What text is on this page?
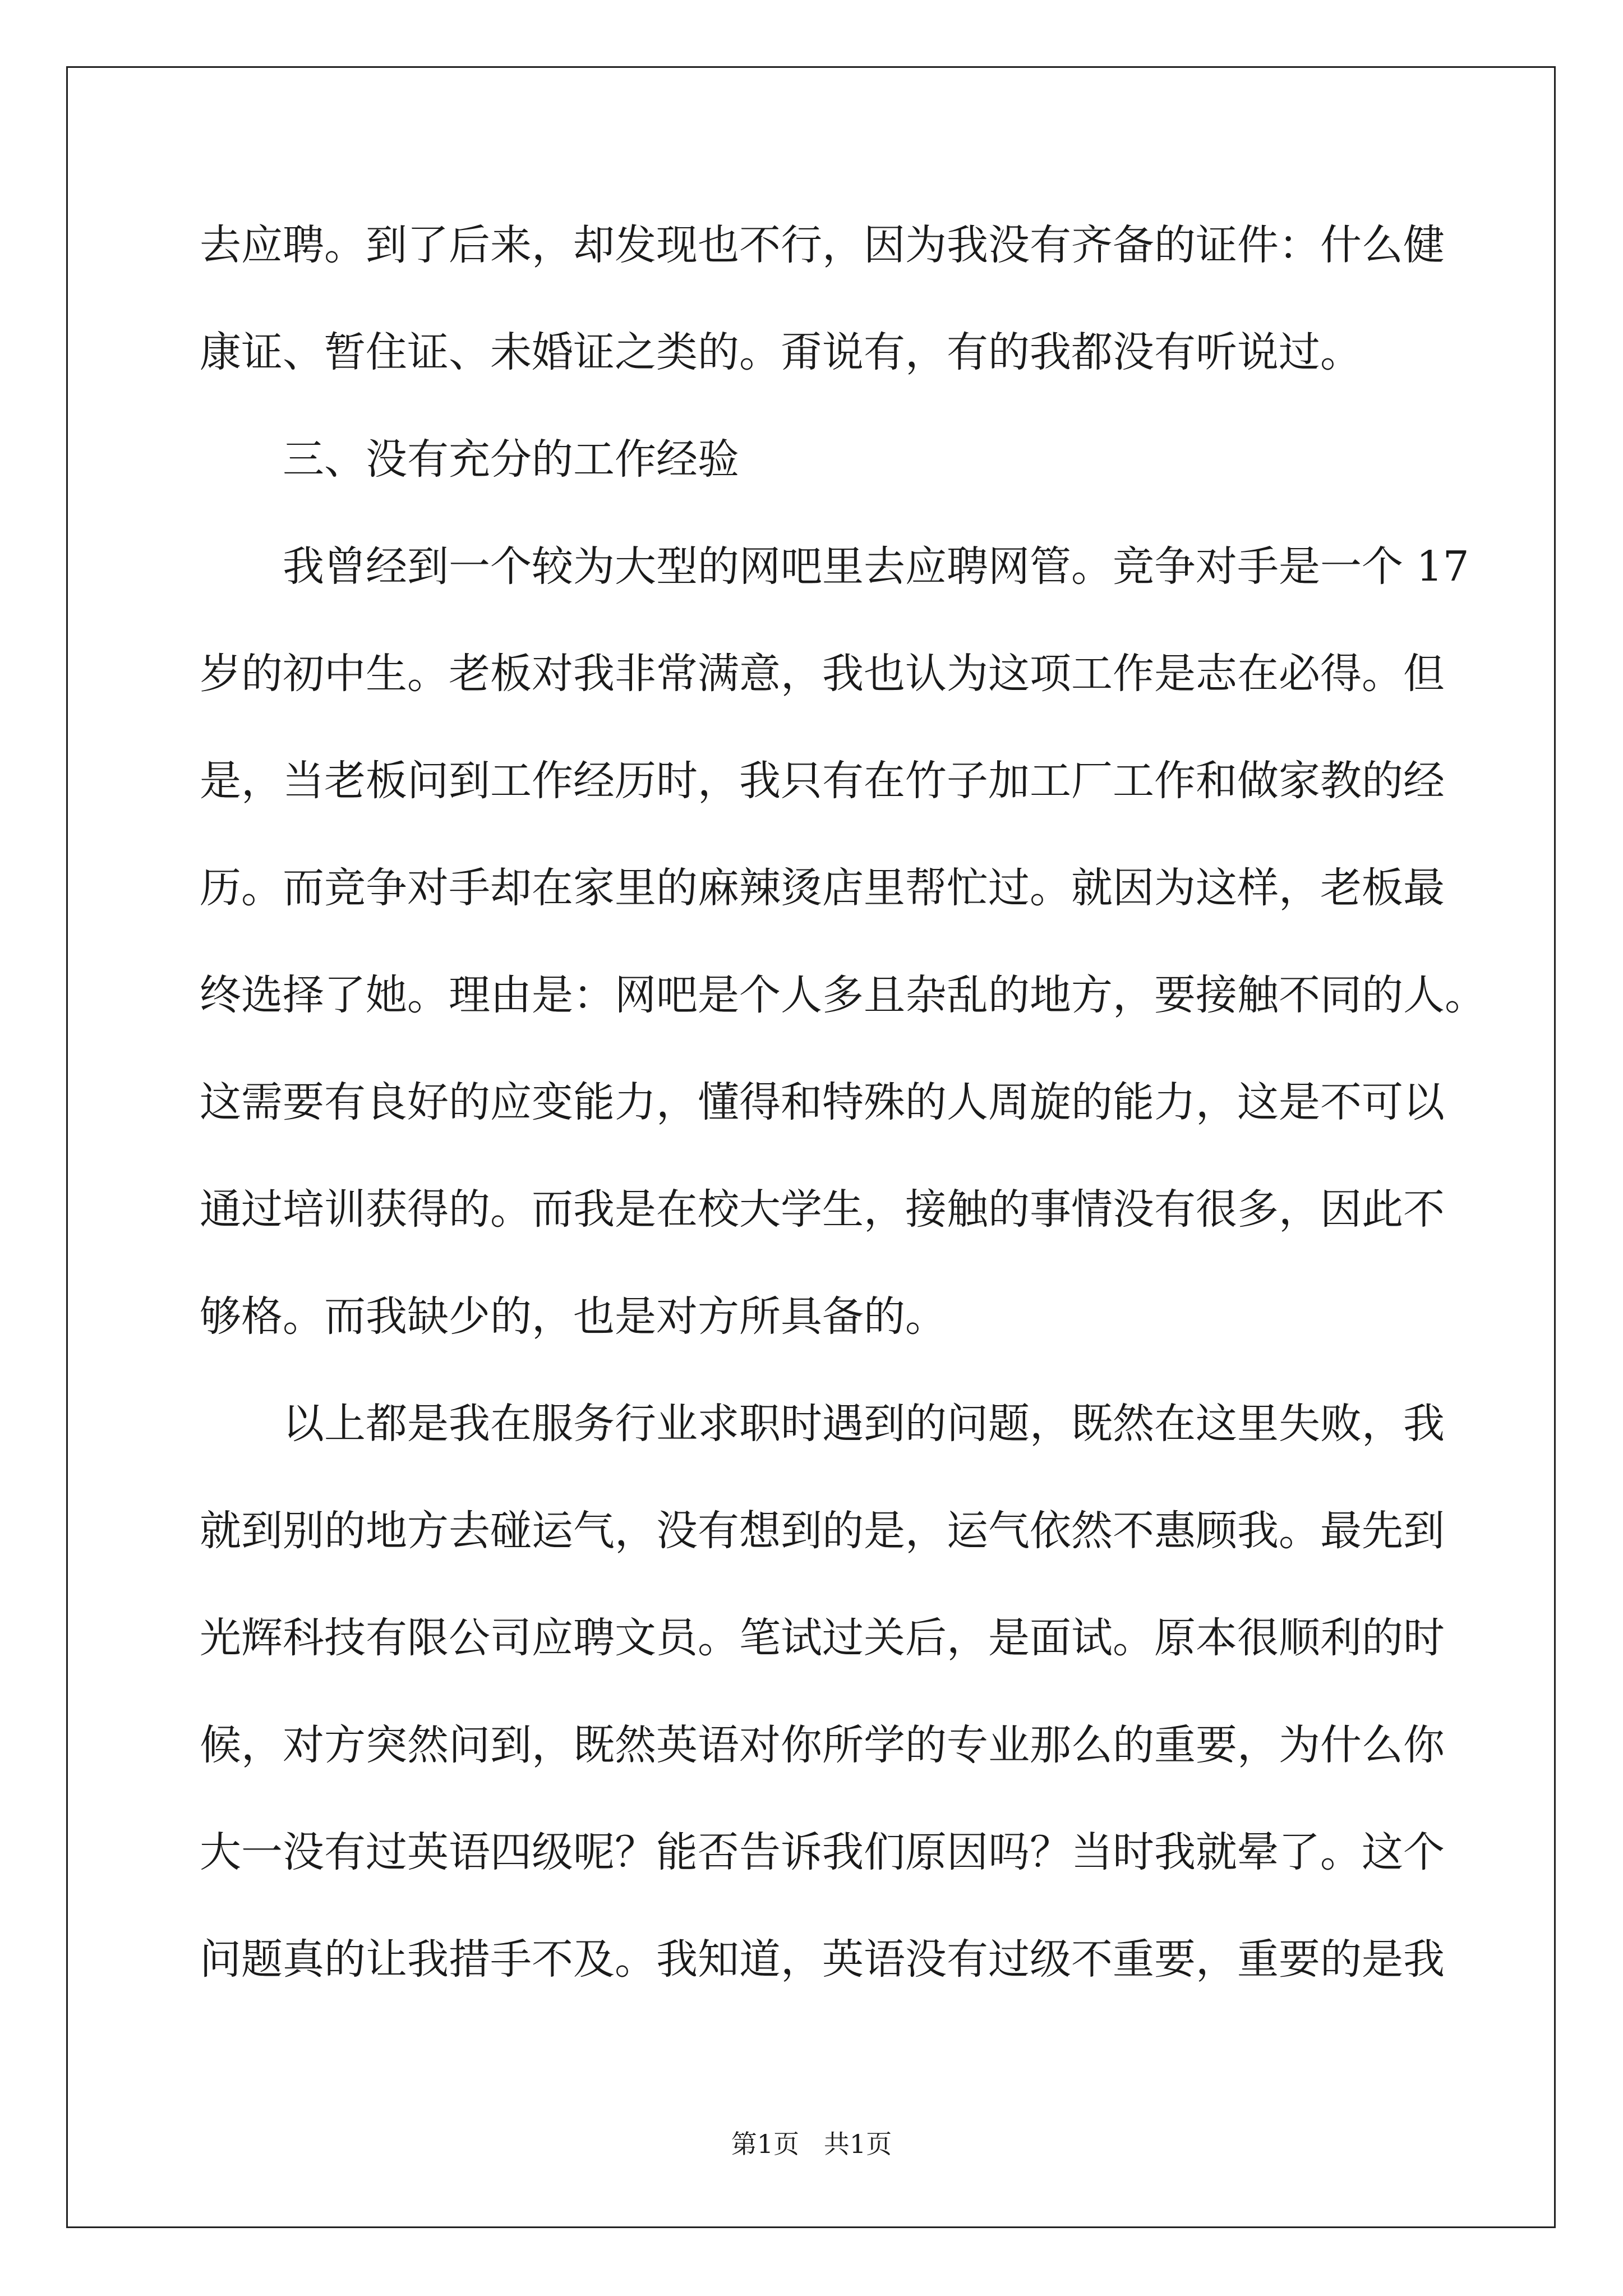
去应聘。到了后来，却发现也不行，因为我没有齐备的证件：什么健
康证、暂住证、未婚证之类的。甭说有，有的我都没有听说过。
三、没有充分的工作经验
我曾经到一个较为大型的网吧里去应聘网管。竞争对手是一个 17
岁的初中生。老板对我非常满意，我也认为这项工作是志在必得。但
是，当老板问到工作经历时，我只有在竹子加工厂工作和做家教的经
历。而竞争对手却在家里的麻辣烫店里帮忙过。就因为这样，老板最
终选择了她。理由是：网吧是个人多且杂乱的地方，要接触不同的人。
这需要有良好的应变能力，懂得和特殊的人周旋的能力，这是不可以
通过培训获得的。而我是在校大学生，接触的事情没有很多，因此不
够格。而我缺少的，也是对方所具备的。
以上都是我在服务行业求职时遇到的问题，既然在这里失败，我
就到别的地方去碰运气，没有想到的是，运气依然不惠顾我。最先到
光辉科技有限公司应聘文员。笔试过关后，是面试。原本很顺利的时
候，对方突然问到，既然英语对你所学的专业那么的重要，为什么你
大一没有过英语四级呢？能否告诉我们原因吗？当时我就晕了。这个
问题真的让我措手不及。我知道，英语没有过级不重要，重要的是我
第1页   共1页
